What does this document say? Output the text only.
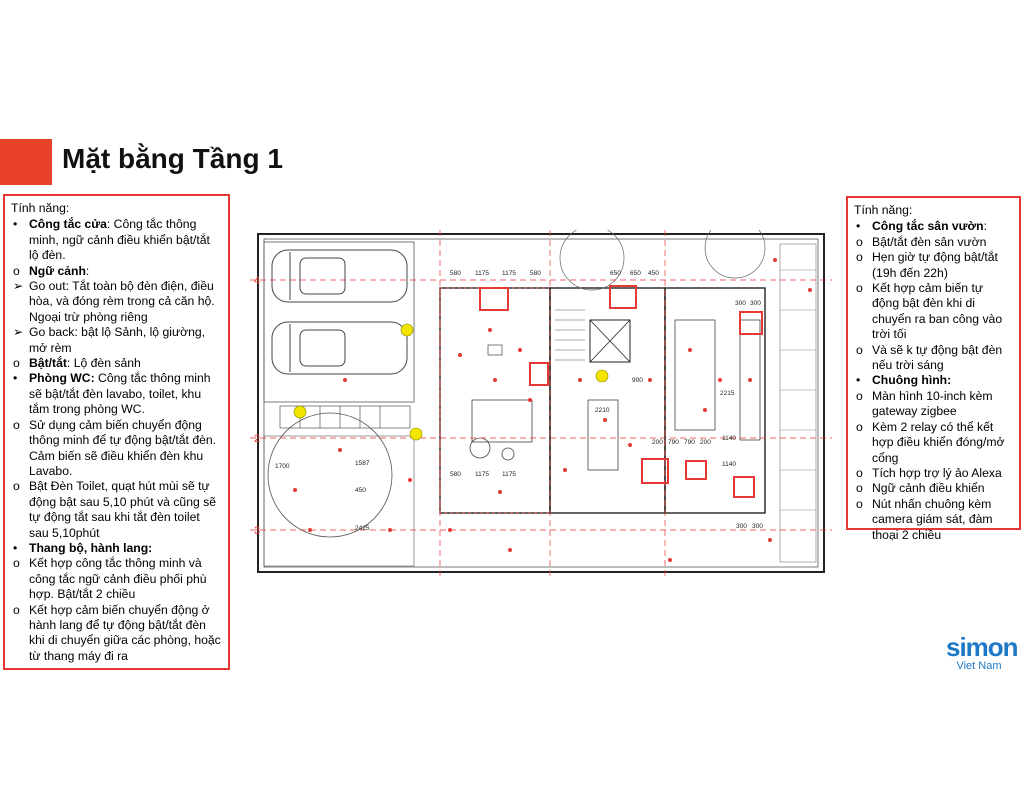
Mặt bằng Tầng 1
Tính năng:
• Công tắc cửa: Công tắc thông minh, ngữ cảnh điều khiển bật/tắt lộ đèn.
o Ngữ cảnh:
➢ Go out: Tắt toàn bộ đèn điện, điều hòa, và đóng rèm trong cả căn hộ. Ngoại trừ phòng riêng
➢ Go back: bật lộ Sảnh, lộ giường, mở rèm
o Bật/tắt: Lộ đèn sảnh
• Phòng WC: Công tắc thông minh sẽ bật/tắt đèn lavabo, toilet, khu tắm trong phòng WC.
o Sử dụng cảm biến chuyển động thông minh để tự động bật/tắt đèn. Cảm biến sẽ điều khiển đèn khu Lavabo.
o Bật Đèn Toilet, quạt hút mùi sẽ tự động bật sau 5,10 phút và cũng sẽ tự động tắt sau khi tắt đèn toilet sau 5,10phút
• Thang bộ, hành lang:
o Kết hợp công tắc thông minh và công tắc ngữ cảnh điều phối phù hợp. Bật/tắt 2 chiều
o Kết hợp cảm biến chuyển động ở hành lang để tự động bật/tắt đèn khi di chuyển giữa các phòng, hoặc từ thang máy đi ra
4
2
3
580 1175 1175 580	650 650 450
300 300
1700	1587
450
2425
1175 1175
580
200 790 790 200
900
2215
2210
1140
1140
300 300
Tính năng:
• Công tắc sân vườn:
o Bật/tắt đèn sân vườn
o Hẹn giờ tự động bật/tắt (19h đến 22h)
o Kết hợp cảm biến tự động bật đèn khi di chuyển ra ban công vào trời tối
o Và sẽ k tự động bật đèn nếu trời sáng
• Chuông hình:
o Màn hình 10-inch kèm gateway zigbee
o Kèm 2 relay có thể kết hợp điều khiển đóng/mở cổng
o Tích hợp trợ lý ảo Alexa
o Ngữ cảnh điều khiển
o Nút nhấn chuông kèm camera giám sát, đàm thoại 2 chiều
simon
Viet Nam
